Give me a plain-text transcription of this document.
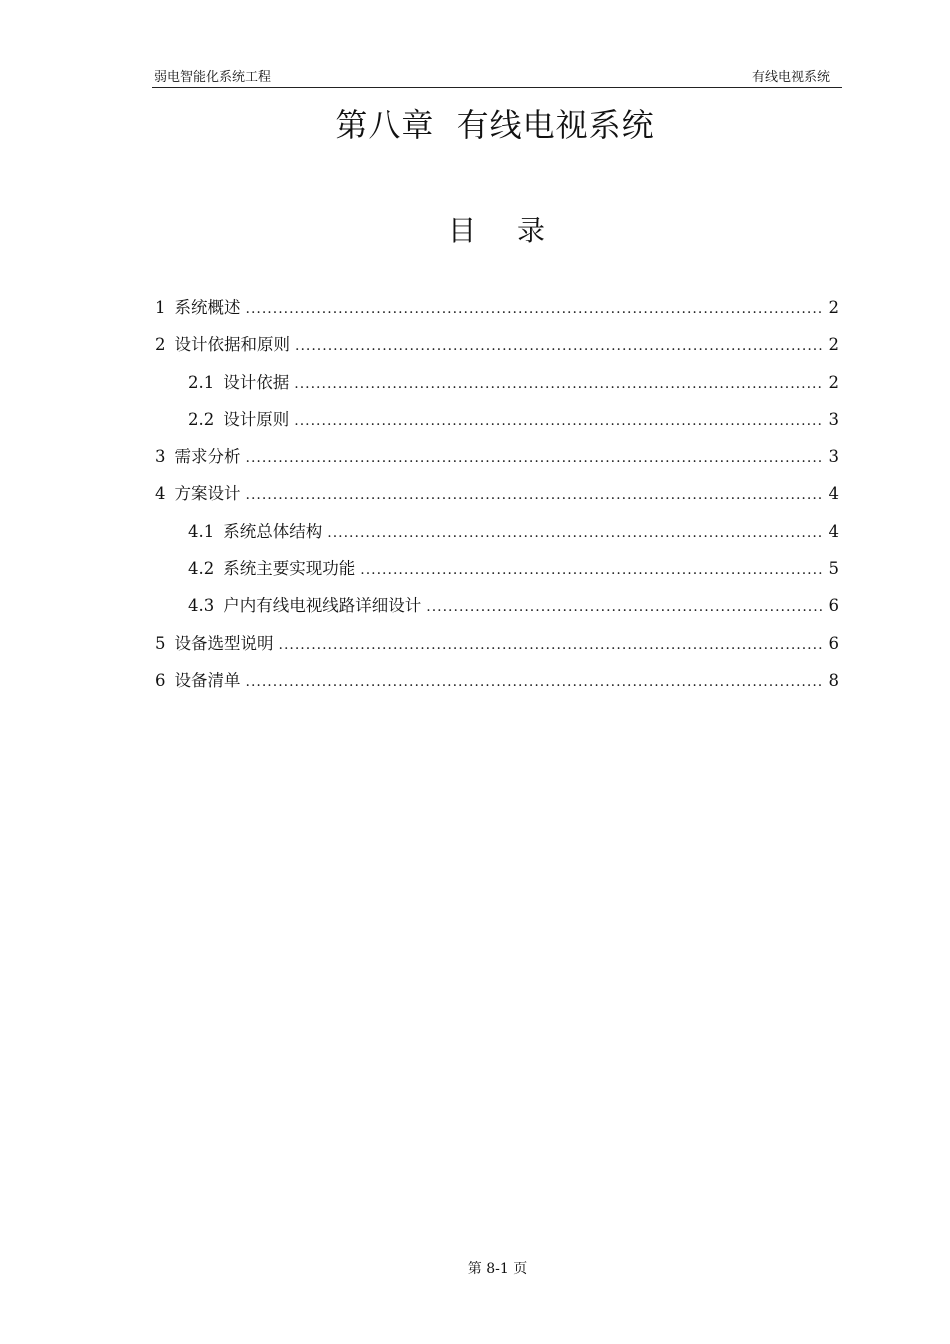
弱电智能化系统工程	有线电视系统
第八章  有线电视系统
目 录
1 系统概述 .....	2
2 设计依据和原则 .....	2
2.1 设计依据 .....	2
2.2 设计原则 .....	3
3 需求分析 .....	3
4 方案设计 .....	4
4.1 系统总体结构 .....	4
4.2 系统主要实现功能 .....	5
4.3 户内有线电视线路详细设计 .....	6
5 设备选型说明 .....	6
6 设备清单 .....	8
第 8-1 页
